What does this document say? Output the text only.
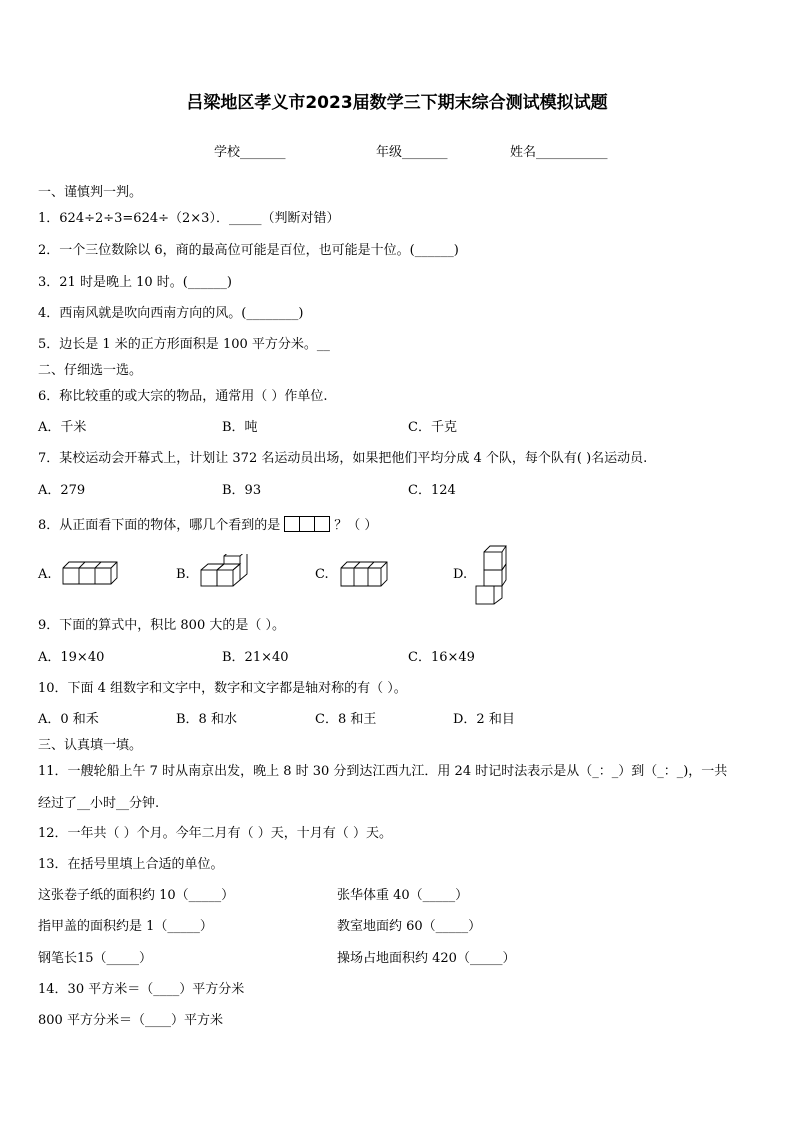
吕梁地区孝义市2023届数学三下期末综合测试模拟试题
学校_______	年级_______	姓名___________
一、谨慎判一判。
1．624÷2÷3=624÷（2×3）．_____（判断对错）
2．一个三位数除以 6，商的最高位可能是百位，也可能是十位。(______)
3．21 时是晚上 10 时。(______)
4．西南风就是吹向西南方向的风。(________)
5．边长是 1 米的正方形面积是 100 平方分米。__
二、仔细选一选。
6．称比较重的或大宗的物品，通常用（ ）作单位.
A．千米	B．吨	C．千克
7．某校运动会开幕式上，计划让 372 名运动员出场，如果把他们平均分成 4 个队，每个队有( )名运动员.
A．279	B．93	C．124
8．从正面看下面的物体，哪几个看到的是	？（ ）
A.	B.	C.	D.
9．下面的算式中，积比 800 大的是（ ）。
A．19×40	B．21×40	C．16×49
10．下面 4 组数字和文字中，数字和文字都是轴对称的有（ ）。
A．0 和禾	B．8 和水	C．8 和王	D．2 和目
三、认真填一填。
11．一艘轮船上午 7 时从南京出发，晚上 8 时 30 分到达江西九江．用 24 时记时法表示是从（_：_）到（_：_)，一共
经过了__小时__分钟.
12．一年共（ ）个月。今年二月有（ ）天，十月有（ ）天。
13．在括号里填上合适的单位。
这张卷子纸的面积约 10（_____）	张华体重 40（_____）
指甲盖的面积约是 1（_____）	教室地面约 60（_____）
钢笔长15（_____）	操场占地面积约 420（_____）
14．30 平方米＝（____）平方分米
800 平方分米＝（____）平方米
